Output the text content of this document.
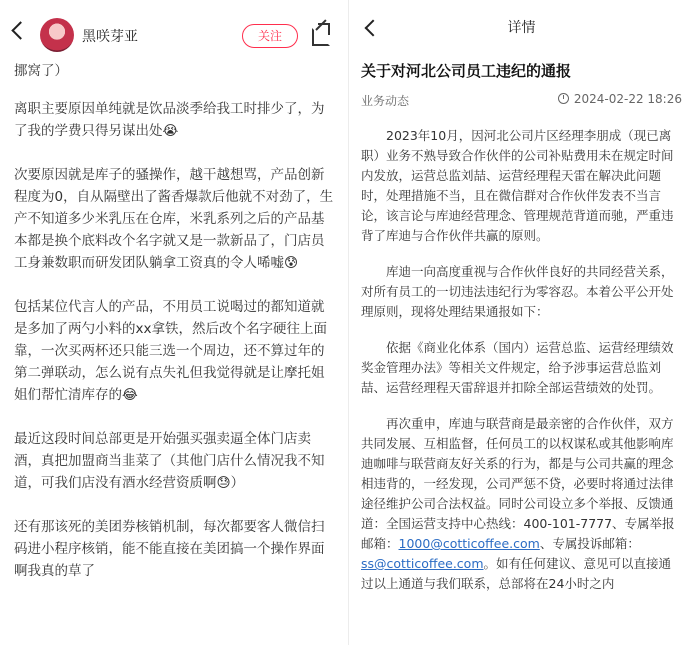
黑咲芽亚	关注

挪窝了）

离职主要原因单纯就是饮品淡季给我工时排少了，为了我的学费只得另谋出处😭

次要原因就是库子的骚操作，越干越想骂，产品创新程度为0，自从隔壁出了酱香爆款后他就不对劲了，生产不知道多少米乳压在仓库，米乳系列之后的产品基本都是换个底料改个名字就又是一款新品了，门店员工身兼数职而研发团队躺拿工资真的令人唏嘘😰

包括某位代言人的产品，不用员工说喝过的都知道就是多加了两勺小料的xx拿铁，然后改个名字硬往上面靠，一次买两杯还只能三选一个周边，还不算过年的第二弹联动，怎么说有点失礼但我觉得就是让摩托姐姐们帮忙清库存的😂

最近这段时间总部更是开始强买强卖逼全体门店卖酒，真把加盟商当韭菜了（其他门店什么情况我不知道，可我们店没有酒水经营资质啊😓）

还有那该死的美团券核销机制，每次都要客人微信扫码进小程序核销，能不能直接在美团搞一个操作界面啊我真的草了

详情
关于对河北公司员工违纪的通报
业务动态	2024-02-22 18:26

2023年10月，因河北公司片区经理李朋成（现已离职）业务不熟导致合作伙伴的公司补贴费用未在规定时间内发放，运营总监刘喆、运营经理程天雷在解决此问题时，处理措施不当，且在微信群对合作伙伴发表不当言论，该言论与库迪经营理念、管理规范背道而驰，严重违背了库迪与合作伙伴共赢的原则。

库迪一向高度重视与合作伙伴良好的共同经营关系，对所有员工的一切违法违纪行为零容忍。本着公平公开处理原则，现将处理结果通报如下：

依据《商业化体系（国内）运营总监、运营经理绩效奖金管理办法》等相关文件规定，给予涉事运营总监刘喆、运营经理程天雷辞退并扣除全部运营绩效的处罚。

再次重申，库迪与联营商是最亲密的合作伙伴，双方共同发展、互相监督，任何员工的以权谋私或其他影响库迪咖啡与联营商友好关系的行为，都是与公司共赢的理念相违背的，一经发现，公司严惩不贷，必要时将通过法律途径维护公司合法权益。同时公司设立多个举报、反馈通道：全国运营支持中心热线：400-101-7777、专属举报邮箱：1000@cotticoffee.com、专属投诉邮箱：ss@cotticoffee.com。如有任何建议、意见可以直接通过以上通道与我们联系，总部将在24小时之内
